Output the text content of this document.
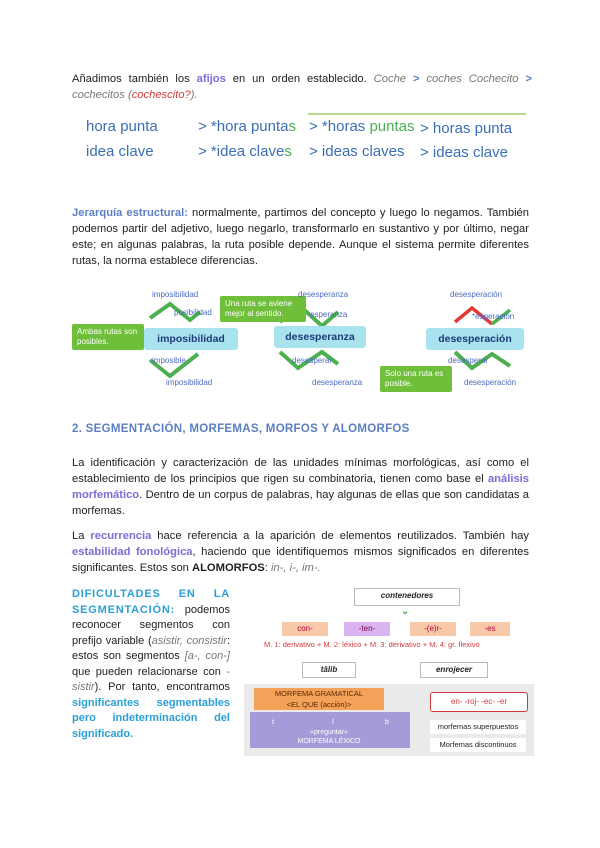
Añadimos también los afijos en un orden establecido. Coche > coches Cochecito > cochecitos (cochescito?).
hora punta	> *hora puntas > *horas puntas > horas punta
idea clave	> *idea claves > ideas claves > ideas clave
Jerarquía estructural: normalmente, partimos del concepto y luego lo negamos. También podemos partir del adjetivo, luego negarlo, transformarlo en sustantivo y por último, negar este; en algunas palabras, la ruta posible depende. Aunque el sistema permite diferentes rutas, la norma establece diferencias.
imposibilidad
posibilidad
Ambas rutas son posibles.	imposibilidad
imposible
imposibilidad
Una ruta se aviene mejor al sentido.
desesperanza
esperanza
desesperanza
desesperar
desesperanza
Solo una ruta es posible.
desesperación
*esperación
desesperación
desesperar
desesperación
2. SEGMENTACIÓN, MORFEMAS, MORFOS Y ALOMORFOS
La identificación y caracterización de las unidades mínimas morfológicas, así como el establecimiento de los principios que rigen su combinatoria, tienen como base el análisis morfemático. Dentro de un corpus de palabras, hay algunas de ellas que son candidatas a morfemas.
La recurrencia hace referencia a la aparición de elementos reutilizados. También hay estabilidad fonológica, haciendo que identifiquemos mismos significados en diferentes significantes. Estos son ALOMORFOS: in-, i-, im-.
DIFICULTADES EN LA SEGMENTACIÓN: podemos reconocer segmentos con prefijo variable (asistir, consistir: estos son segmentos [a-, con-] que pueden relacionarse con -sistir). Por tanto, encontramos significantes segmentables pero indeterminación del significado.
contenedores
⌄
con-	-ten-	-(e)r-	-es
M. 1: derivativo + M. 2: léxico + M. 3: derivativo + M. 4: gr. flexivo
tâlib	enrojecer
MORFEMA GRAMATICAL
<EL QUE (acción)>
t	l	b
«preguntar»
MORFEMA LÉXICO
en- -roj- -ec- -er
morfemas superpuestos
Morfemas discontinuos
